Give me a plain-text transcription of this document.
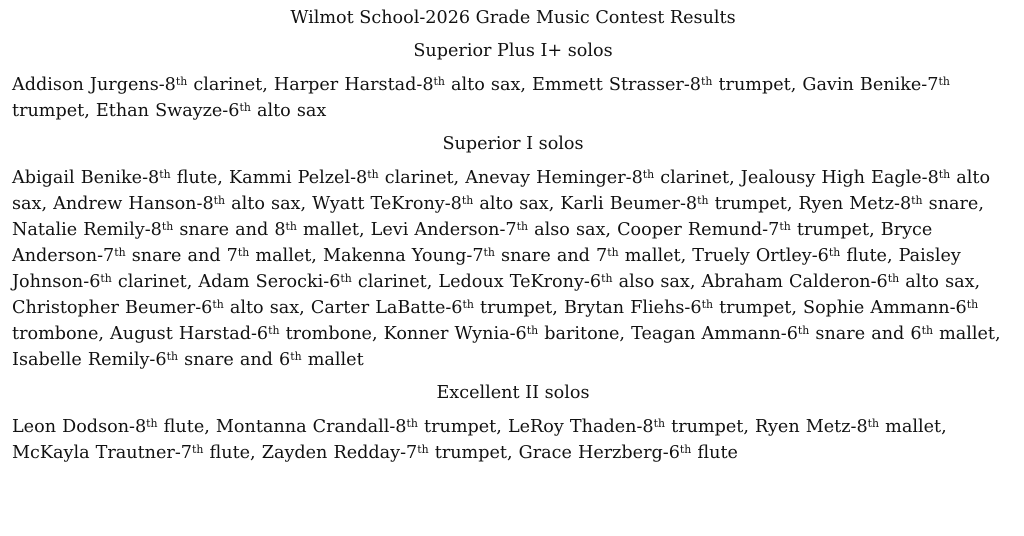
Wilmot School-2026 Grade Music Contest Results
Superior Plus I+ solos

Addison Jurgens-8th clarinet, Harper Harstad-8th alto sax, Emmett Strasser-8th trumpet, Gavin Benike-7th trumpet, Ethan Swayze-6th alto sax

Superior I solos

Abigail Benike-8th flute, Kammi Pelzel-8th clarinet, Anevay Heminger-8th clarinet, Jealousy High Eagle-8th alto sax, Andrew Hanson-8th alto sax, Wyatt TeKrony-8th alto sax, Karli Beumer-8th trumpet, Ryen Metz-8th snare,

Natalie Remily-8th snare and 8th mallet, Levi Anderson-7th also sax, Cooper Remund-7th trumpet, Bryce Anderson-7th snare and 7th mallet, Makenna Young-7th snare and 7th mallet, Truely Ortley-6th flute, Paisley Johnson-6th clarinet, Adam Serocki-6th clarinet, Ledoux TeKrony-6th also sax, Abraham Calderon-6th alto sax, Christopher Beumer-6th alto sax, Carter LaBatte-6th trumpet, Brytan Fliehs-6th trumpet, Sophie Ammann-6th trombone, August Harstad-6th trombone, Konner Wynia-6th baritone, Teagan Ammann-6th snare and 6th mallet, Isabelle Remily-6th snare and 6th mallet

Excellent II solos

Leon Dodson-8th flute, Montanna Crandall-8th trumpet, LeRoy Thaden-8th trumpet, Ryen Metz-8th mallet, McKayla Trautner-7th flute, Zayden Redday-7th trumpet, Grace Herzberg-6th flute
